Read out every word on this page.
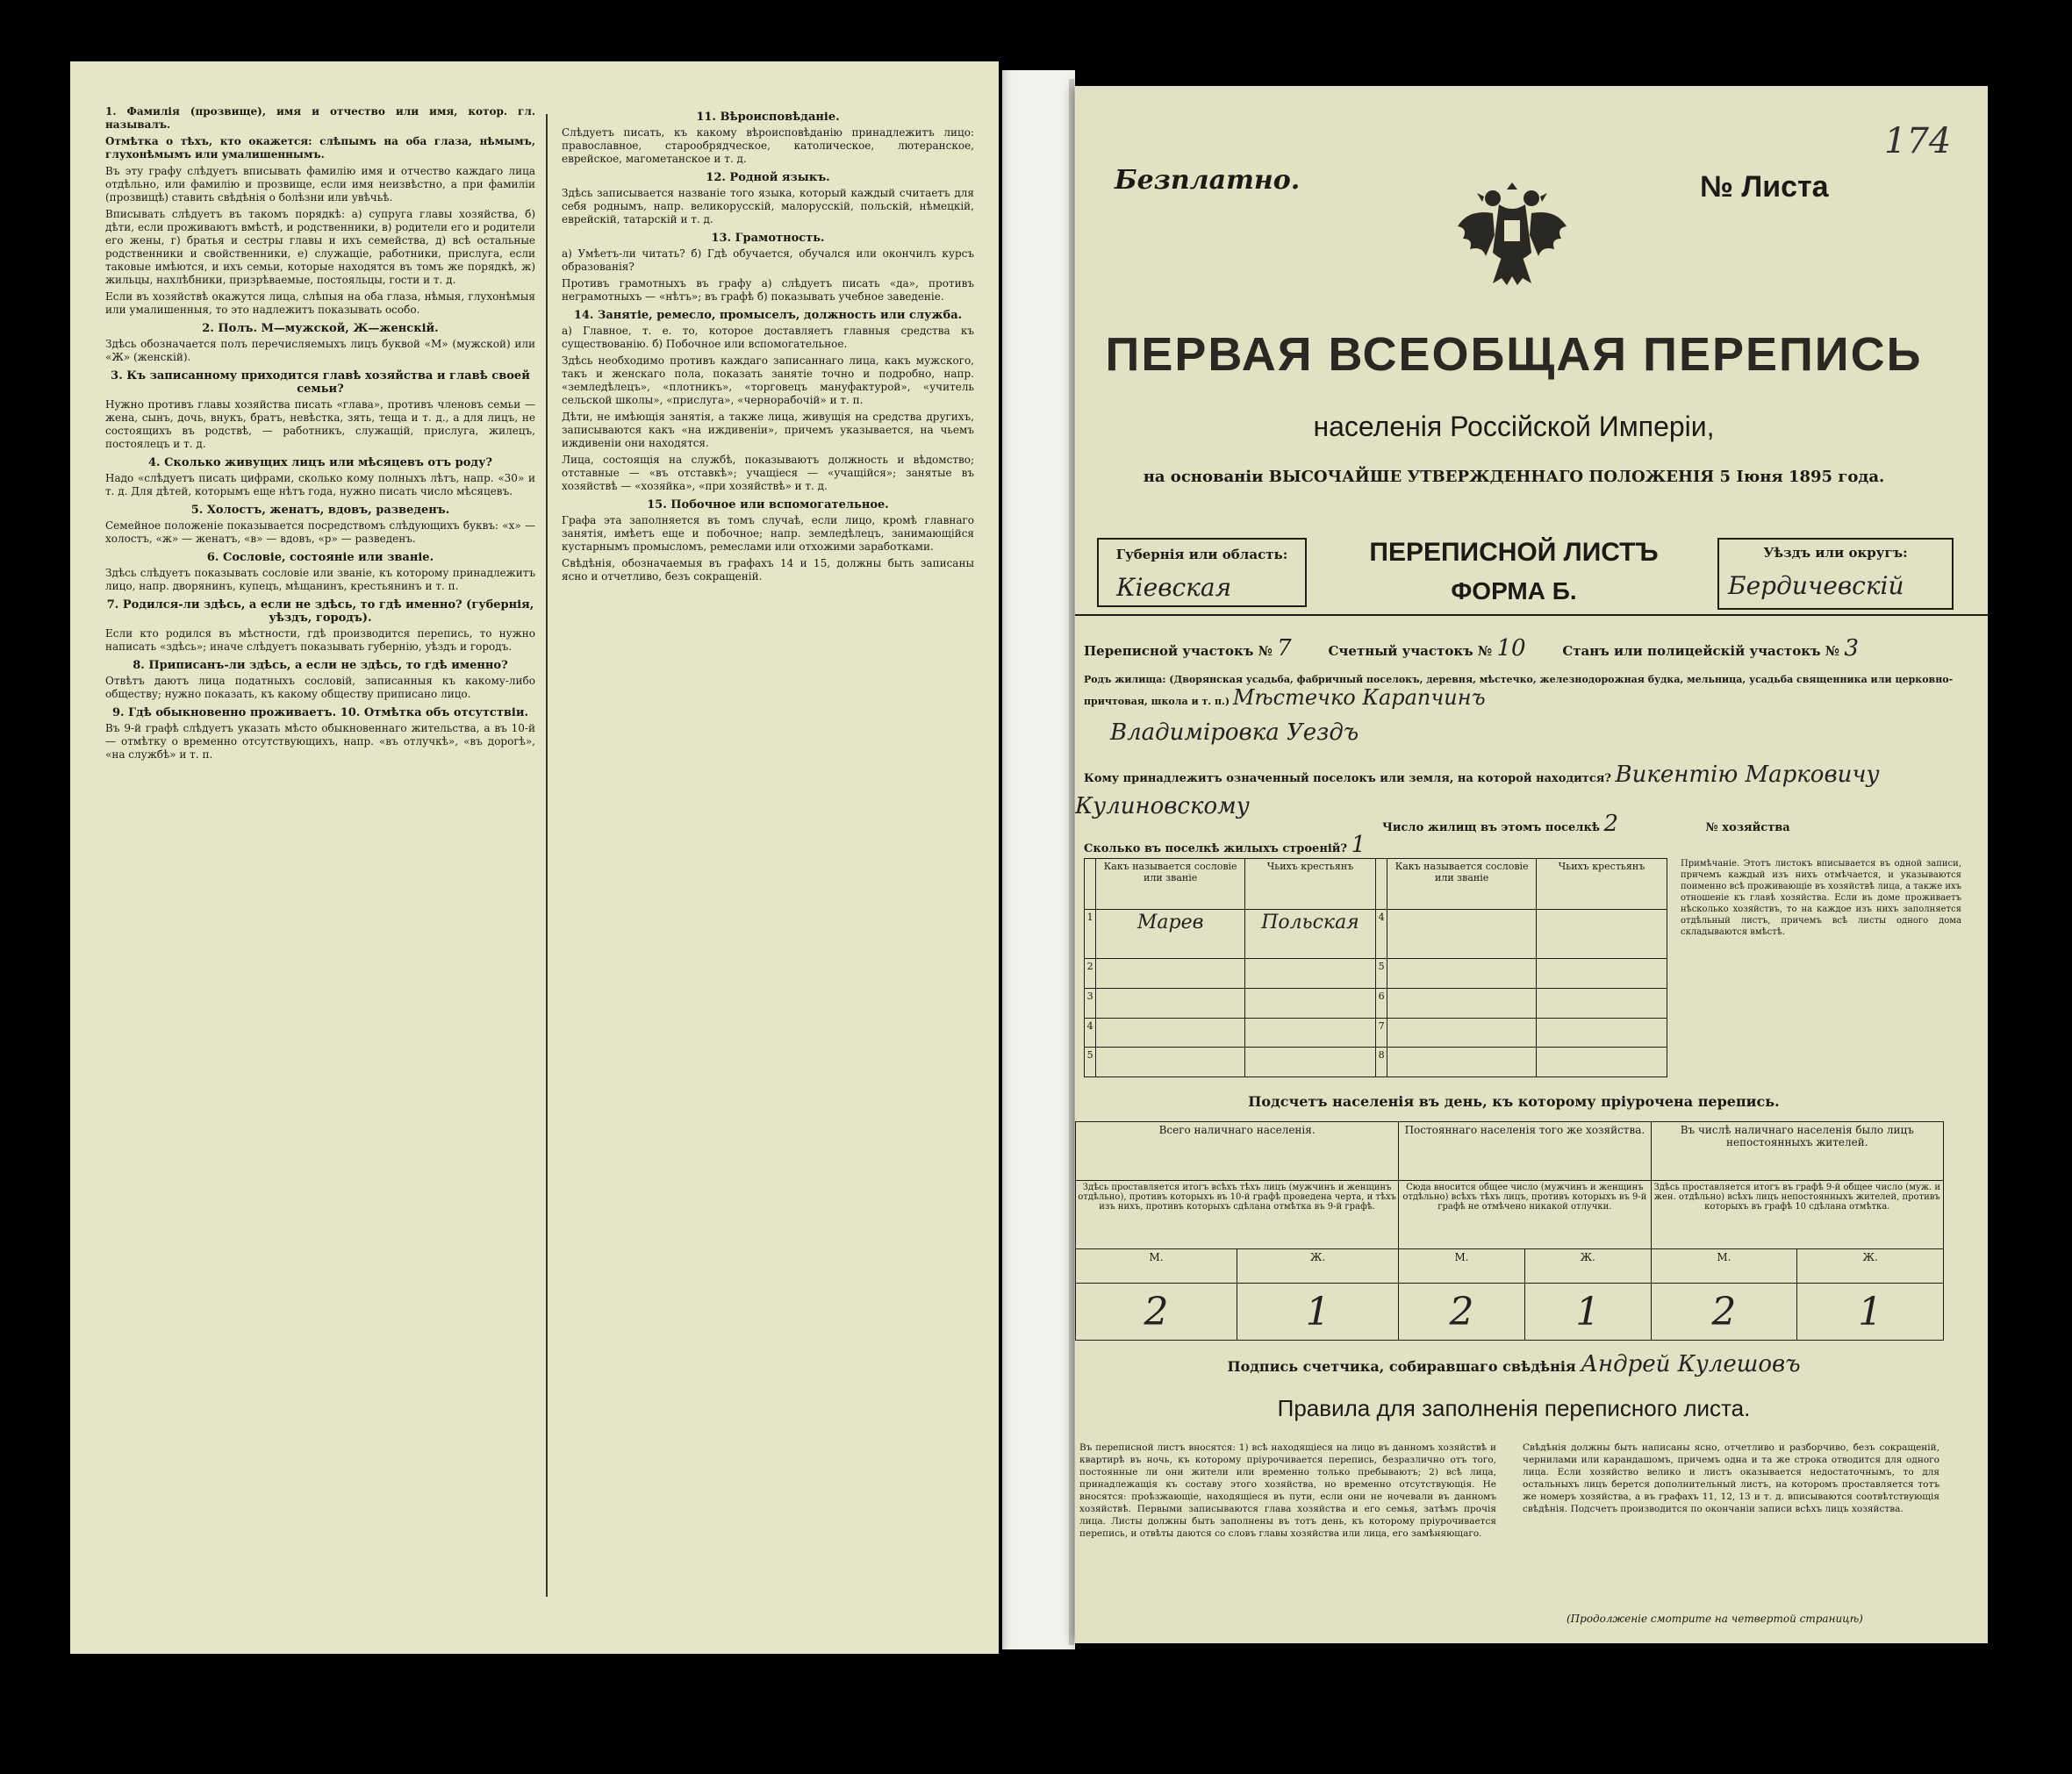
1. Фамилія (прозвище), имя и отчество или имя, котор. гл. называлъ.

Отмѣтка о тѣхъ, кто окажется: слѣпымъ на оба глаза, нѣмымъ, глухонѣмымъ или умалишеннымъ.

Въ эту графу слѣдуетъ вписывать фамилію имя и отчество каждаго лица отдѣльно, или фамилію и прозвище, если имя неизвѣстно, а при фамиліи (прозвищѣ) ставить свѣдѣнія о болѣзни или увѣчьѣ.

Вписывать слѣдуетъ въ такомъ порядкѣ: а) супруга главы хозяйства, б) дѣти, если проживаютъ вмѣстѣ, и родственники, в) родители его и родители его жены, г) братья и сестры главы и ихъ семейства, д) всѣ остальные родственники и свойственники, е) служащіе, работники, прислуга, если таковые имѣются, и ихъ семьи, которые находятся въ томъ же порядкѣ, ж) жильцы, нахлѣбники, призрѣваемые, постояльцы, гости и т. д.

Если въ хозяйствѣ окажутся лица, слѣпыя на оба глаза, нѣмыя, глухонѣмыя или умалишенныя, то это надлежитъ показывать особо.

2. Полъ. М—мужской, Ж—женскій.

Здѣсь обозначается полъ перечисляемыхъ лицъ буквой «М» (мужской) или «Ж» (женскій).

3. Къ записанному приходится главѣ хозяйства и главѣ своей семьи?

Нужно противъ главы хозяйства писать «глава», противъ членовъ семьи — жена, сынъ, дочь, внукъ, братъ, невѣстка, зять, теща и т. д., а для лицъ, не состоящихъ въ родствѣ, — работникъ, служащій, прислуга, жилецъ, постоялецъ и т. д.

4. Сколько живущих лицъ или мѣсяцевъ отъ роду?

Надо «слѣдуетъ писать цифрами, сколько кому полныхъ лѣтъ, напр. «30» и т. д. Для дѣтей, которымъ еще нѣтъ года, нужно писать число мѣсяцевъ.

5. Холостъ, женатъ, вдовъ, разведенъ.

Семейное положеніе показывается посредствомъ слѣдующихъ буквъ: «х» — холостъ, «ж» — женатъ, «в» — вдовъ, «р» — разведенъ.

6. Сословіе, состояніе или званіе.

Здѣсь слѣдуетъ показывать сословіе или званіе, къ которому принадлежитъ лицо, напр. дворянинъ, купецъ, мѣщанинъ, крестьянинъ и т. п.

7. Родился-ли здѣсь, а если не здѣсь, то гдѣ именно? (губернія, уѣздъ, городъ).

Если кто родился въ мѣстности, гдѣ производится перепись, то нужно написать «здѣсь»; иначе слѣдуетъ показывать губернію, уѣздъ и городъ.

8. Приписанъ-ли здѣсь, а если не здѣсь, то гдѣ именно?

Отвѣтъ даютъ лица податныхъ сословій, записанныя къ какому-либо обществу; нужно показать, къ какому обществу приписано лицо.

9. Гдѣ обыкновенно проживаетъ. 10. Отмѣтка объ отсутствіи.

Въ 9-й графѣ слѣдуетъ указать мѣсто обыкновеннаго жительства, а въ 10-й — отмѣтку о временно отсутствующихъ, напр. «въ отлучкѣ», «въ дорогѣ», «на службѣ» и т. п.

11. Вѣроисповѣданіе.

Слѣдуетъ писать, къ какому вѣроисповѣданію принадлежитъ лицо: православное, старообрядческое, католическое, лютеранское, еврейское, магометанское и т. д.

12. Родной языкъ.

Здѣсь записывается названіе того языка, который каждый считаетъ для себя роднымъ, напр. великорусскій, малорусскій, польскій, нѣмецкій, еврейскій, татарскій и т. д.

13. Грамотность.

а) Умѣетъ-ли читать? б) Гдѣ обучается, обучался или окончилъ курсъ образованія?

Противъ грамотныхъ въ графу а) слѣдуетъ писать «да», противъ неграмотныхъ — «нѣтъ»; въ графѣ б) показывать учебное заведеніе.

14. Занятіе, ремесло, промыселъ, должность или служба.

а) Главное, т. е. то, которое доставляетъ главныя средства къ существованію. б) Побочное или вспомогательное.

Здѣсь необходимо противъ каждаго записаннаго лица, какъ мужского, такъ и женскаго пола, показать занятіе точно и подробно, напр. «земледѣлецъ», «плотникъ», «торговецъ мануфактурой», «учитель сельской школы», «прислуга», «чернорабочій» и т. п.

Дѣти, не имѣющія занятія, а также лица, живущія на средства другихъ, записываются какъ «на иждивеніи», причемъ указывается, на чьемъ иждивеніи они находятся.

Лица, состоящія на службѣ, показываютъ должность и вѣдомство; отставные — «въ отставкѣ»; учащіеся — «учащійся»; занятые въ хозяйствѣ — «хозяйка», «при хозяйствѣ» и т. д.

15. Побочное или вспомогательное.

Графа эта заполняется въ томъ случаѣ, если лицо, кромѣ главнаго занятія, имѣетъ еще и побочное; напр. земледѣлецъ, занимающійся кустарнымъ промысломъ, ремеслами или отхожими заработками.

Свѣдѣнія, обозначаемыя въ графахъ 14 и 15, должны быть записаны ясно и отчетливо, безъ сокращеній.

Безплатно.
174
№ Листа
ПЕРВАЯ ВСЕОБЩАЯ ПЕРЕПИСЬ
населенія Россійской Имперіи,
на основаніи ВЫСОЧАЙШЕ УТВЕРЖДЕННАГО ПОЛОЖЕНІЯ 5 Іюня 1895 года.
Губернія или область:
Кіевская
ПЕРЕПИСНОЙ ЛИСТЪ
ФОРМА Б.
Уѣздъ или округъ:
Бердичевскій
Переписной участокъ № 7	Счетный участокъ № 10	Станъ или полицейскій участокъ № 3
Родъ жилища: (Дворянская усадьба, фабричный поселокъ, деревня, мѣстечко, железнодорожная будка, мельница, усадьба священника или церковно-причтовая, школа и т. п.) Мѣстечко Карапчинъ
Владиміровка Уездъ
Кому принадлежитъ означенный поселокъ или земля, на которой находится? Викентію Марковичу
Кулиновскому
Число жилищ въ этомъ поселкѣ 2	№ хозяйства
Сколько въ поселкѣ жилыхъ строеній? 1
	Какъ называется сословіе или званіе	Чьихъ крестьянъ		Какъ называется сословіе или званіе	Чьихъ крестьянъ
1	Марев	Польская	4		
2			5		
3			6		
4			7		
5			8		
Примѣчаніе. Этотъ листокъ вписывается въ одной записи, причемъ каждый изъ нихъ отмѣчается, и указываются поименно всѣ проживающіе въ хозяйствѣ лица, а также ихъ отношеніе къ главѣ хозяйства. Если въ доме проживаетъ нѣсколько хозяйствъ, то на каждое изъ нихъ заполняется отдѣльный листъ, причемъ всѣ листы одного дома складываются вмѣстѣ.
Подсчетъ населенія въ день, къ которому пріурочена перепись.
Всего наличнаго населенія.		Постояннаго населенія того же хозяйства.		Въ числѣ наличнаго населенія было лицъ непостоянныхъ жителей.	
Здѣсь проставляется итогъ всѣхъ тѣхъ лицъ (мужчинъ и женщинъ отдѣльно), противъ которыхъ въ 10-й графѣ проведена черта, и тѣхъ изъ нихъ, противъ которыхъ сдѣлана отмѣтка въ 9-й графѣ.		Сюда вносится общее число (мужчинъ и женщинъ отдѣльно) всѣхъ тѣхъ лицъ, противъ которыхъ въ 9-й графѣ не отмѣчено никакой отлучки.		Здѣсь проставляется итогъ въ графѣ 9-й общее число (муж. и жен. отдѣльно) всѣхъ лицъ непостоянныхъ жителей, противъ которыхъ въ графѣ 10 сдѣлана отмѣтка.	
М.	Ж.	М.	Ж.	М.	Ж.
2	1	2	1	2	1
Подпись счетчика, собиравшаго свѣдѣнія Андрей Кулешовъ
Правила для заполненія переписного листа.
Въ переписной листъ вносятся: 1) всѣ находящіеся на лицо въ данномъ хозяйствѣ и квартирѣ въ ночь, къ которому пріурочивается перепись, безразлично отъ того, постоянные ли они жители или временно только пребываютъ; 2) всѣ лица, принадлежащія къ составу этого хозяйства, но временно отсутствующія. Не вносятся: проѣзжающіе, находящіеся въ пути, если они не ночевали въ данномъ хозяйствѣ. Первыми записываются глава хозяйства и его семья, затѣмъ прочія лица. Листы должны быть заполнены въ тотъ день, къ которому пріурочивается перепись, и отвѣты даются со словъ главы хозяйства или лица, его замѣняющаго.
Свѣдѣнія должны быть написаны ясно, отчетливо и разборчиво, безъ сокращеній, чернилами или карандашомъ, причемъ одна и та же строка отводится для одного лица. Если хозяйство велико и листъ оказывается недостаточнымъ, то для остальныхъ лицъ берется дополнительный листъ, на которомъ проставляется тотъ же номеръ хозяйства, а въ графахъ 11, 12, 13 и т. д. вписываются соотвѣтствующія свѣдѣнія. Подсчетъ производится по окончаніи записи всѣхъ лицъ хозяйства.
(Продолженіе смотрите на четвертой страницѣ)
